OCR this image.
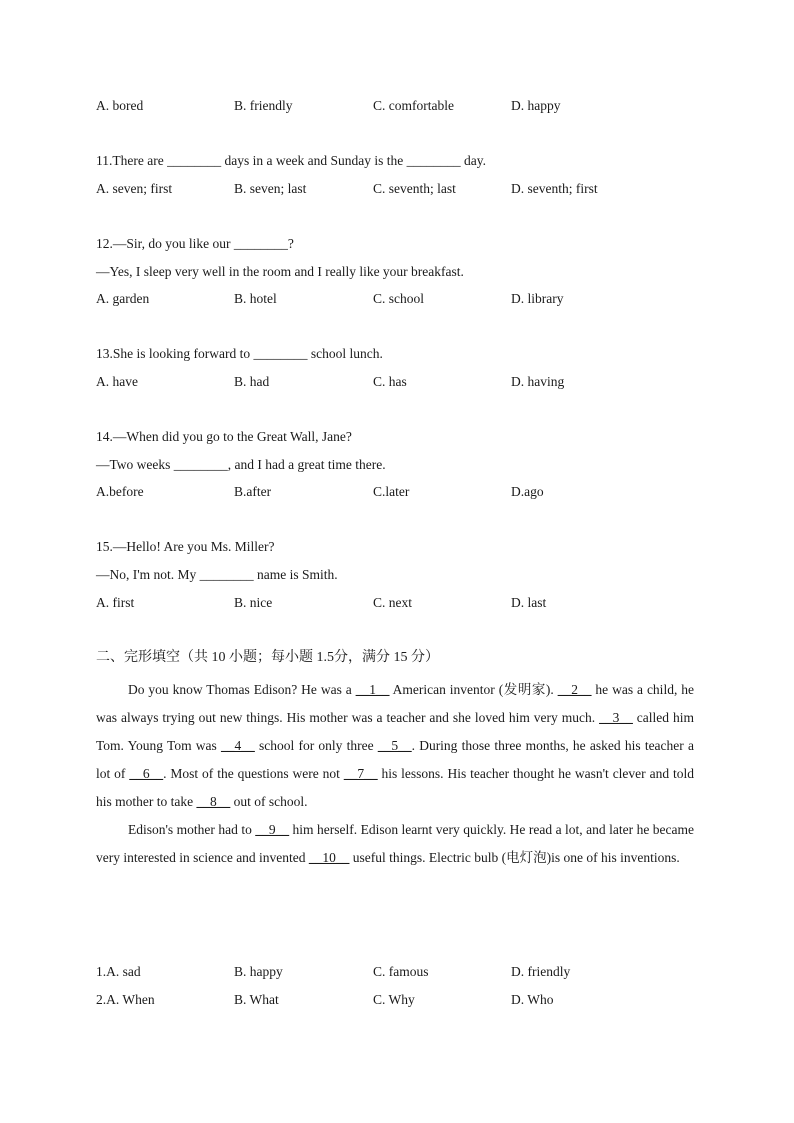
A. bored	B. friendly	C. comfortable	D. happy
11.There are ________ days in a week and Sunday is the ________ day.
A. seven; first	B. seven; last	C. seventh; last	D. seventh; first
12.—Sir, do you like our ________?
—Yes, I sleep very well in the room and I really like your breakfast.
A. garden	B. hotel	C. school	D. library
13.She is looking forward to ________ school lunch.
A. have	B. had	C. has	D. having
14.—When did you go to the Great Wall, Jane?
—Two weeks ________, and I had a great time there.
A.before	B.after	C.later	D.ago
15.—Hello! Are you Ms. Miller?
—No, I'm not. My ________ name is Smith.
A. first	B. nice	C. next	D. last
二、完形填空（共 10 小题；每小题 1.5分，满分 15 分）

Do you know Thomas Edison? He was a __1__ American inventor (发明家). __2__ he was a child, he was always trying out new things. His mother was a teacher and she loved him very much. __3__ called him Tom. Young Tom was __4__ school for only three __5__. During those three months, he asked his teacher a lot of __6__. Most of the questions were not __7__ his lessons. His teacher thought he wasn't clever and told his mother to take __8__ out of school.

Edison's mother had to __9__ him herself. Edison learnt very quickly. He read a lot, and later he became very interested in science and invented __10__ useful things. Electric bulb (电灯泡)is one of his inventions.

1.A. sad	B. happy	C. famous	D. friendly
2.A. When	B. What	C. Why	D. Who
